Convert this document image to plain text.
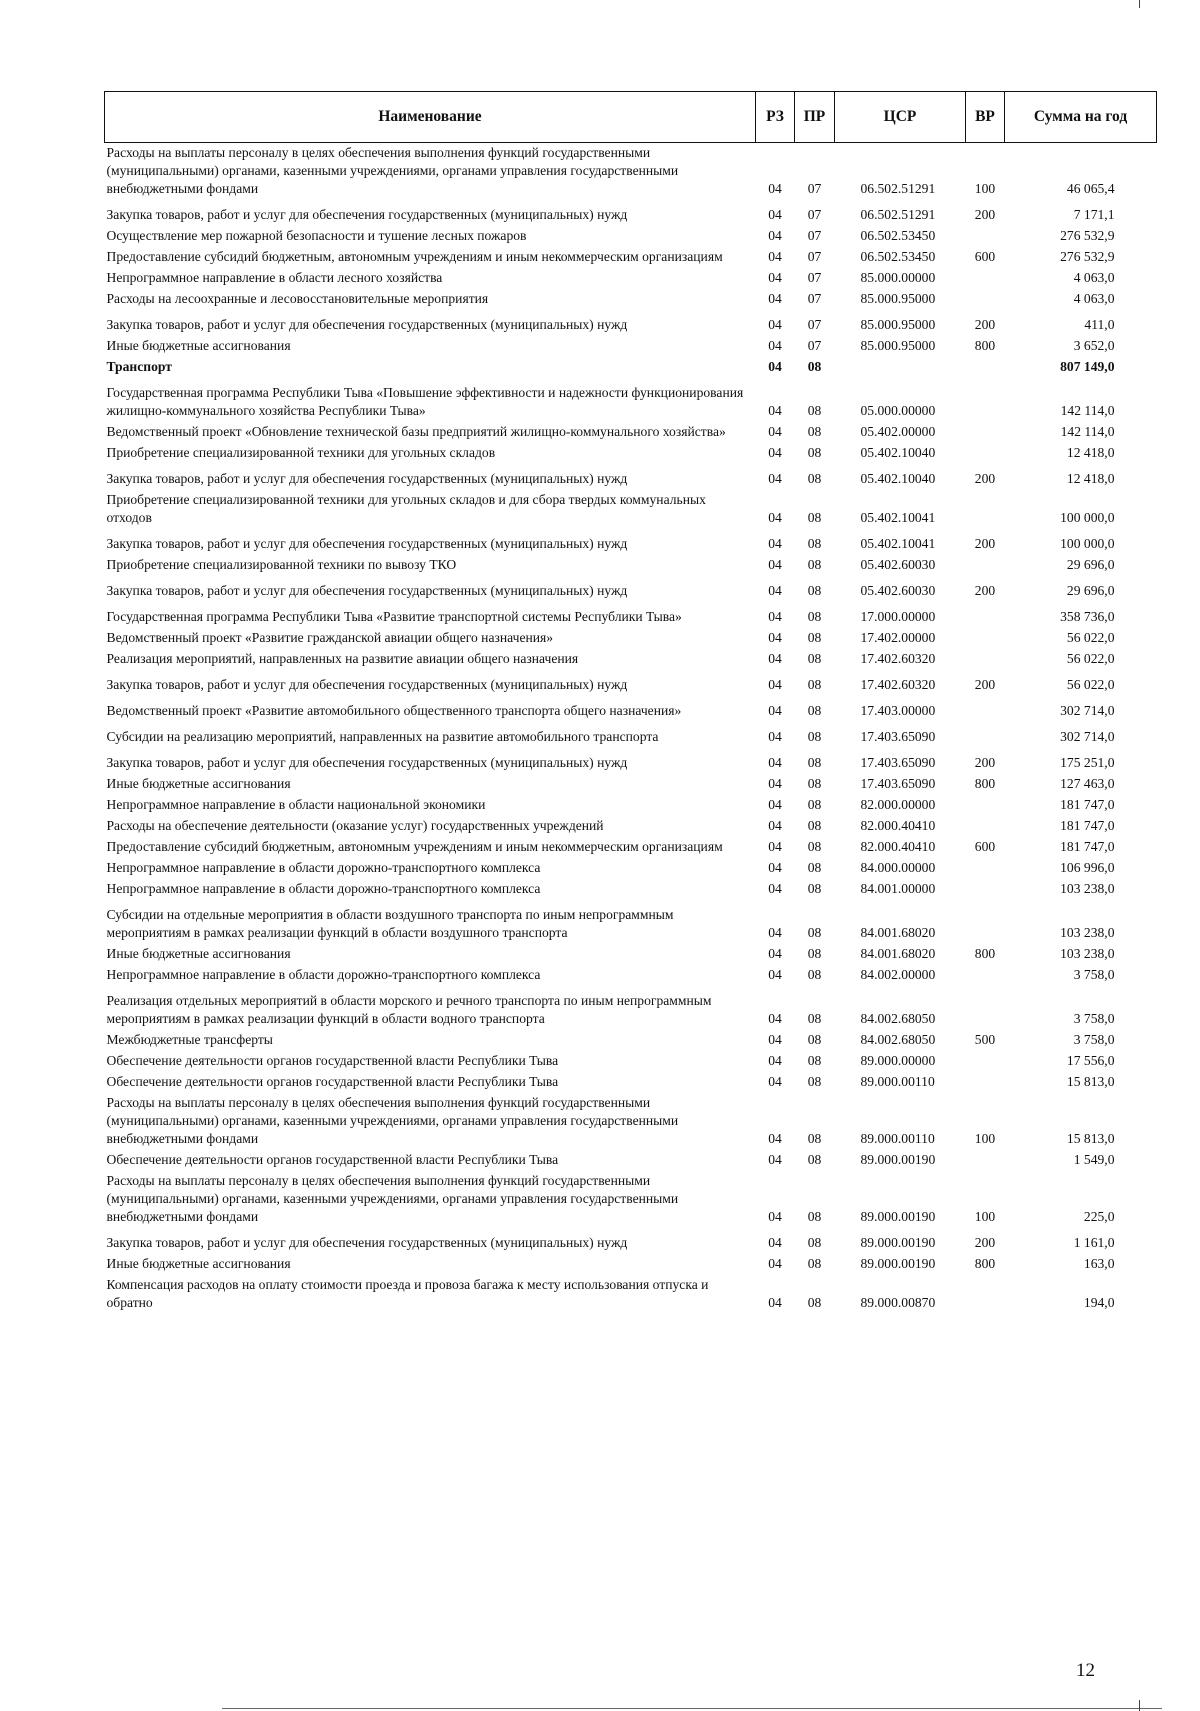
Наименование	РЗ	ПР	ЦСР	ВР	Сумма на год
Расходы на выплаты персоналу в целях обеспечения выполнения функций государственными (муниципальными) органами, казенными учреждениями, органами управления государственными внебюджетными фондами	04	07	06.502.51291	100	46 065,4
Закупка товаров, работ и услуг для обеспечения государственных (муниципальных) нужд	04	07	06.502.51291	200	7 171,1
Осуществление мер пожарной безопасности и тушение лесных пожаров	04	07	06.502.53450		276 532,9
Предоставление субсидий бюджетным, автономным учреждениям и иным некоммерческим организациям	04	07	06.502.53450	600	276 532,9
Непрограммное направление в области лесного хозяйства	04	07	85.000.00000		4 063,0
Расходы на лесоохранные и лесовосстановительные мероприятия	04	07	85.000.95000		4 063,0
Закупка товаров, работ и услуг для обеспечения государственных (муниципальных) нужд	04	07	85.000.95000	200	411,0
Иные бюджетные ассигнования	04	07	85.000.95000	800	3 652,0
Транспорт	04	08			807 149,0
Государственная программа Республики Тыва «Повышение эффективности и надежности функционирования жилищно-коммунального хозяйства Республики Тыва»	04	08	05.000.00000		142 114,0
Ведомственный проект «Обновление технической базы предприятий жилищно-коммунального хозяйства»	04	08	05.402.00000		142 114,0
Приобретение специализированной техники для угольных складов	04	08	05.402.10040		12 418,0
Закупка товаров, работ и услуг для обеспечения государственных (муниципальных) нужд	04	08	05.402.10040	200	12 418,0
Приобретение специализированной техники для угольных складов и для сбора твердых коммунальных отходов	04	08	05.402.10041		100 000,0
Закупка товаров, работ и услуг для обеспечения государственных (муниципальных) нужд	04	08	05.402.10041	200	100 000,0
Приобретение специализированной техники по вывозу ТКО	04	08	05.402.60030		29 696,0
Закупка товаров, работ и услуг для обеспечения государственных (муниципальных) нужд	04	08	05.402.60030	200	29 696,0
Государственная программа Республики Тыва «Развитие транспортной системы Республики Тыва»	04	08	17.000.00000		358 736,0
Ведомственный проект «Развитие гражданской авиации общего назначения»	04	08	17.402.00000		56 022,0
Реализация мероприятий, направленных на развитие авиации общего назначения	04	08	17.402.60320		56 022,0
Закупка товаров, работ и услуг для обеспечения государственных (муниципальных) нужд	04	08	17.402.60320	200	56 022,0
Ведомственный проект «Развитие автомобильного общественного транспорта общего назначения»	04	08	17.403.00000		302 714,0
Субсидии на реализацию мероприятий, направленных на развитие автомобильного транспорта	04	08	17.403.65090		302 714,0
Закупка товаров, работ и услуг для обеспечения государственных (муниципальных) нужд	04	08	17.403.65090	200	175 251,0
Иные бюджетные ассигнования	04	08	17.403.65090	800	127 463,0
Непрограммное направление в области национальной экономики	04	08	82.000.00000		181 747,0
Расходы на обеспечение деятельности (оказание услуг) государственных учреждений	04	08	82.000.40410		181 747,0
Предоставление субсидий бюджетным, автономным учреждениям и иным некоммерческим организациям	04	08	82.000.40410	600	181 747,0
Непрограммное направление в области дорожно-транспортного комплекса	04	08	84.000.00000		106 996,0
Непрограммное направление в области дорожно-транспортного комплекса	04	08	84.001.00000		103 238,0
Субсидии на отдельные мероприятия в области воздушного транспорта по иным непрограммным мероприятиям в рамках реализации функций в области воздушного транспорта	04	08	84.001.68020		103 238,0
Иные бюджетные ассигнования	04	08	84.001.68020	800	103 238,0
Непрограммное направление в области дорожно-транспортного комплекса	04	08	84.002.00000		3 758,0
Реализация отдельных мероприятий в области морского и речного транспорта по иным непрограммным мероприятиям в рамках реализации функций в области водного транспорта	04	08	84.002.68050		3 758,0
Межбюджетные трансферты	04	08	84.002.68050	500	3 758,0
Обеспечение деятельности органов государственной власти Республики Тыва	04	08	89.000.00000		17 556,0
Обеспечение деятельности органов государственной власти Республики Тыва	04	08	89.000.00110		15 813,0
Расходы на выплаты персоналу в целях обеспечения выполнения функций государственными (муниципальными) органами, казенными учреждениями, органами управления государственными внебюджетными фондами	04	08	89.000.00110	100	15 813,0
Обеспечение деятельности органов государственной власти Республики Тыва	04	08	89.000.00190		1 549,0
Расходы на выплаты персоналу в целях обеспечения выполнения функций государственными (муниципальными) органами, казенными учреждениями, органами управления государственными внебюджетными фондами	04	08	89.000.00190	100	225,0
Закупка товаров, работ и услуг для обеспечения государственных (муниципальных) нужд	04	08	89.000.00190	200	1 161,0
Иные бюджетные ассигнования	04	08	89.000.00190	800	163,0
Компенсация расходов на оплату стоимости проезда и провоза багажа к месту использования отпуска и обратно	04	08	89.000.00870		194,0
12
